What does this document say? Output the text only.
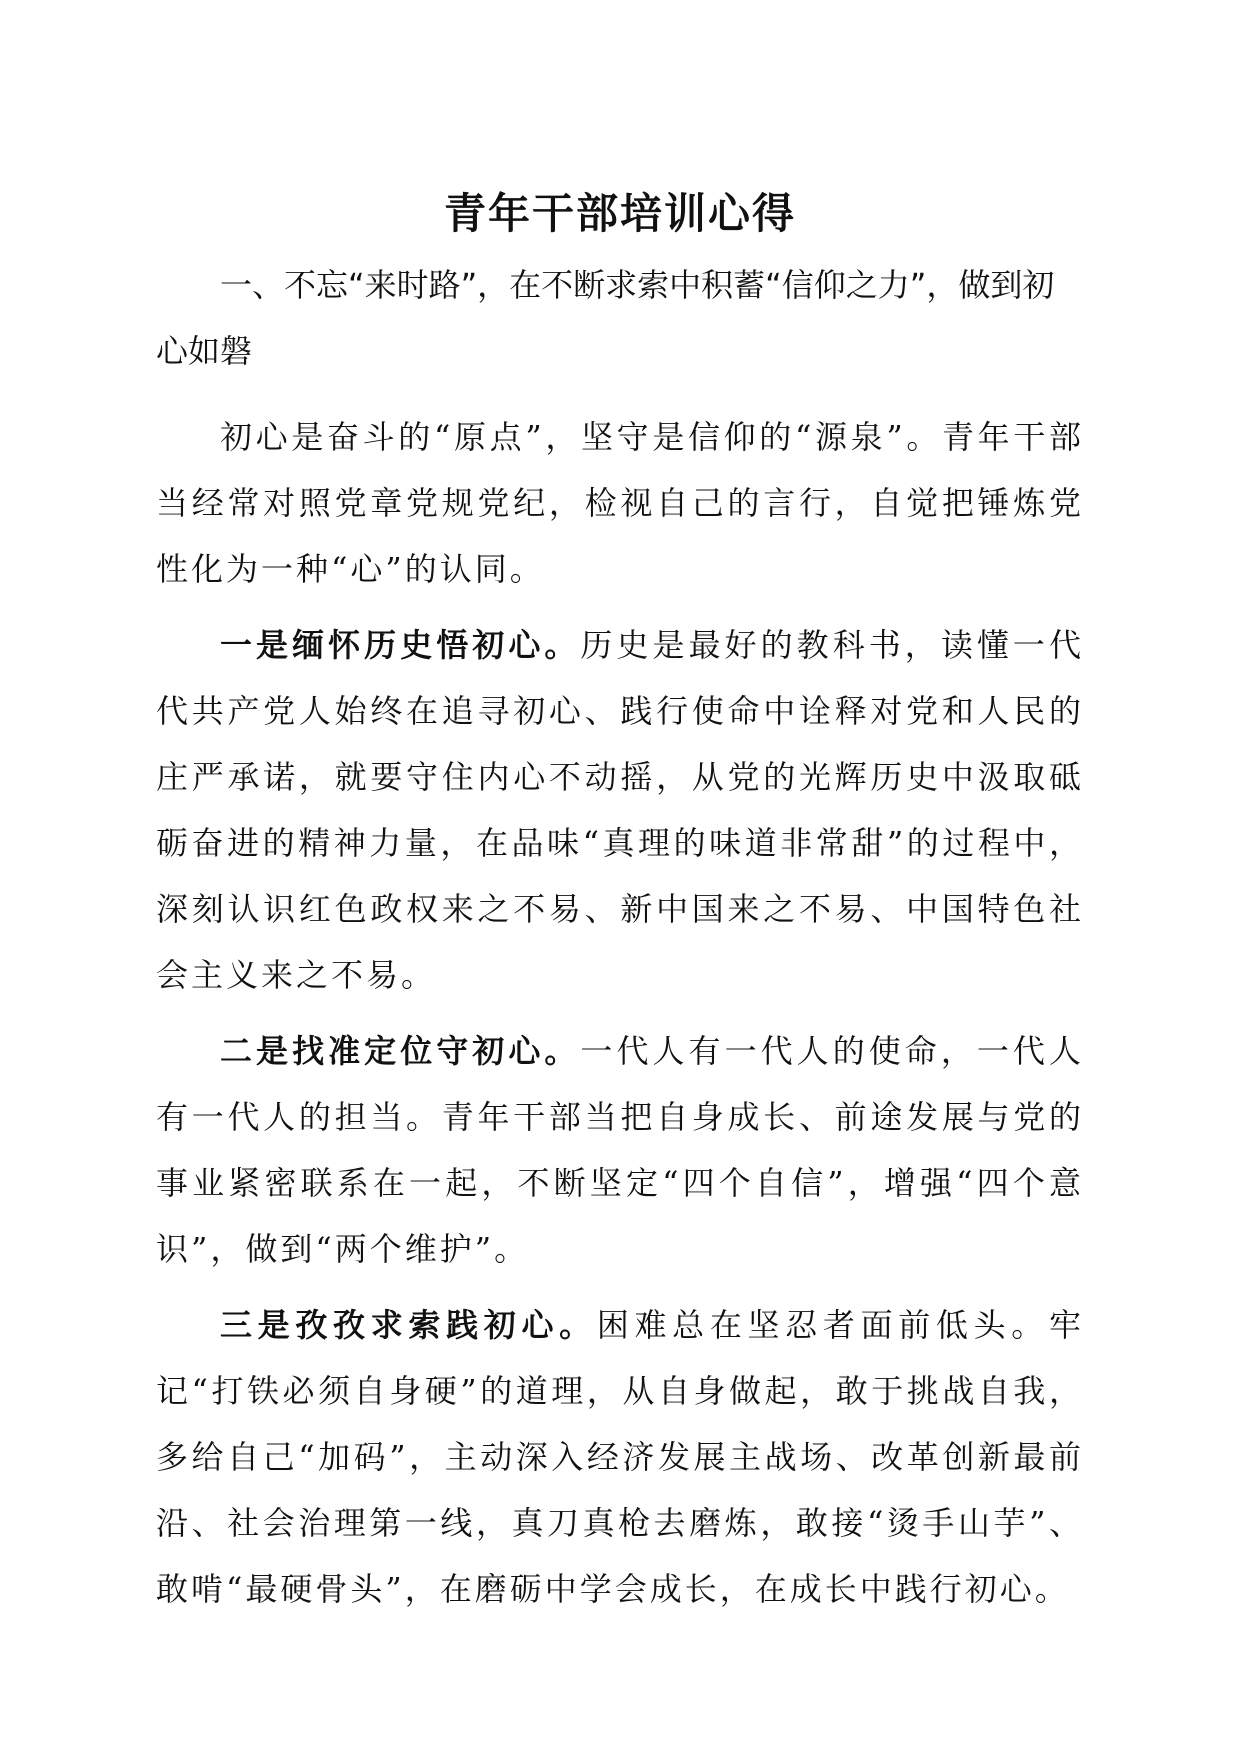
青年干部培训心得

一、不忘“来时路”，在不断求索中积蓄“信仰之力”，做到初心如磐

初心是奋斗的“原点”，坚守是信仰的“源泉”。青年干部当经常对照党章党规党纪，检视自己的言行，自觉把锤炼党性化为一种“心”的认同。

一是缅怀历史悟初心。历史是最好的教科书，读懂一代代共产党人始终在追寻初心、践行使命中诠释对党和人民的庄严承诺，就要守住内心不动摇，从党的光辉历史中汲取砥砺奋进的精神力量，在品味“真理的味道非常甜”的过程中，深刻认识红色政权来之不易、新中国来之不易、中国特色社会主义来之不易。

二是找准定位守初心。一代人有一代人的使命，一代人有一代人的担当。青年干部当把自身成长、前途发展与党的事业紧密联系在一起，不断坚定“四个自信”，增强“四个意识”，做到“两个维护”。

三是孜孜求索践初心。困难总在坚忍者面前低头。牢记“打铁必须自身硬”的道理，从自身做起，敢于挑战自我，多给自己“加码”，主动深入经济发展主战场、改革创新最前沿、社会治理第一线，真刀真枪去磨炼，敢接“烫手山芋”、敢啃“最硬骨头”，在磨砺中学会成长，在成长中践行初心。
